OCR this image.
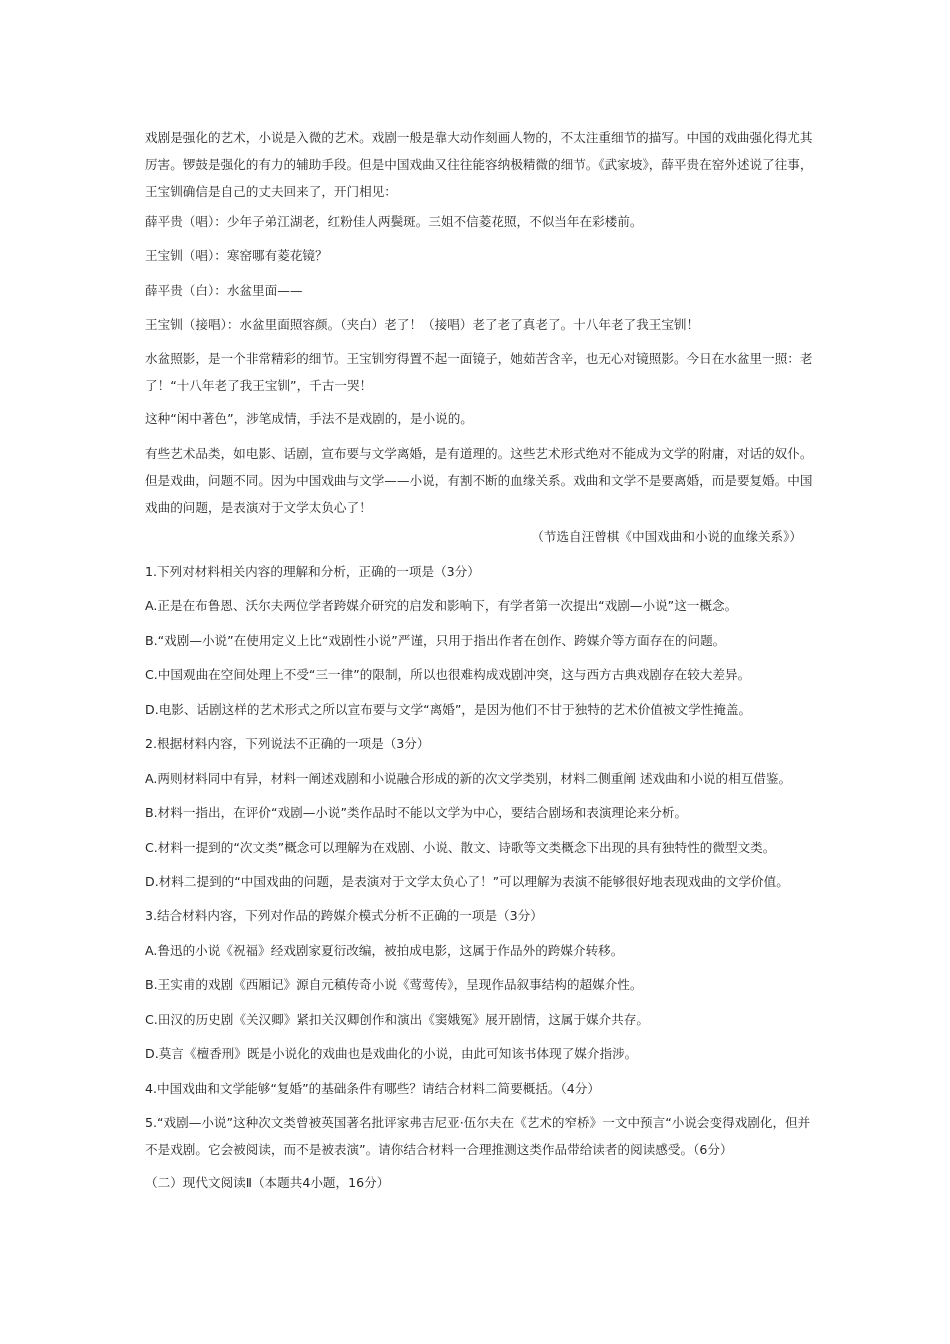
戏剧是强化的艺术，小说是入微的艺术。戏剧一般是靠大动作刻画人物的，不太注重细节的描写。中国的戏曲强化得尤其厉害。锣鼓是强化的有力的辅助手段。但是中国戏曲又往往能容纳极精微的细节。《武家坡》，薛平贵在窑外述说了往事，
王宝钏确信是自己的丈夫回来了，开门相见：

薛平贵（唱）：少年子弟江湖老，红粉佳人两鬓斑。三姐不信菱花照，不似当年在彩楼前。

王宝钏（唱）：寒窑哪有菱花镜？

薛平贵（白）：水盆里面——

王宝钏（接唱）：水盆里面照容颜。（夹白）老了！（接唱）老了老了真老了。十八年老了我王宝钏！

水盆照影，是一个非常精彩的细节。王宝钏穷得置不起一面镜子，她茹苦含辛，也无心对镜照影。今日在水盆里一照：老了！“十八年老了我王宝钏”，千古一哭！

这种“闲中著色”，涉笔成情，手法不是戏剧的，是小说的。

有些艺术品类，如电影、话剧，宣布要与文学离婚，是有道理的。这些艺术形式绝对不能成为文学的附庸，对话的奴仆。但是戏曲，问题不同。因为中国戏曲与文学——小说，有割不断的血缘关系。戏曲和文学不是要离婚，而是要复婚。中国戏曲的问题，是表演对于文学太负心了！

（节选自汪曾棋《中国戏曲和小说的血缘关系》）

1.下列对材料相关内容的理解和分析，正确的一项是（3分）

A.正是在布鲁恩、沃尔夫两位学者跨媒介研究的启发和影响下，有学者第一次提出“戏剧—小说”这一概念。

B.“戏剧—小说”在使用定义上比“戏剧性小说”严谨，只用于指出作者在创作、跨媒介等方面存在的问题。

C.中国观曲在空间处理上不受“三一律”的限制，所以也很难构成戏剧冲突，这与西方古典戏剧存在较大差异。

D.电影、话剧这样的艺术形式之所以宣布要与文学“离婚”，是因为他们不甘于独特的艺术价值被文学性掩盖。

2.根据材料内容，下列说法不正确的一项是（3分）

A.两则材料同中有异，材料一阐述戏剧和小说融合形成的新的次文学类别，材料二侧重阐 述戏曲和小说的相互借鉴。

B.材料一指出，在评价“戏剧—小说”类作品时不能以文学为中心，要结合剧场和表演理论来分析。

C.材料一提到的“次文类”概念可以理解为在戏剧、小说、散文、诗歌等文类概念下出现的具有独特性的微型文类。

D.材料二提到的“中国戏曲的问题，是表演对于文学太负心了！”可以理解为表演不能够很好地表现戏曲的文学价值。

3.结合材料内容，下列对作品的跨媒介模式分析不正确的一项是（3分）

A.鲁迅的小说《祝福》经戏剧家夏衍改编，被拍成电影，这属于作品外的跨媒介转移。

B.王实甫的戏剧《西厢记》源自元稹传奇小说《莺莺传》，呈现作品叙事结构的超媒介性。

C.田汉的历史剧《关汉卿》紧扣关汉卿创作和演出《窦娥冤》展开剧情，这属于媒介共存。

D.莫言《檀香刑》既是小说化的戏曲也是戏曲化的小说，由此可知该书体现了媒介指涉。

4.中国戏曲和文学能够“复婚”的基础条件有哪些？请结合材料二简要概括。（4分）

5.“戏剧—小说”这种次文类曾被英国著名批评家弗吉尼亚·伍尔夫在《艺术的窄桥》一文中预言“小说会变得戏剧化，但并不是戏剧。它会被阅读，而不是被表演”。请你结合材料一合理推测这类作品带给读者的阅读感受。（6分）

（二）现代文阅读Ⅱ（本题共4小题，16分）
